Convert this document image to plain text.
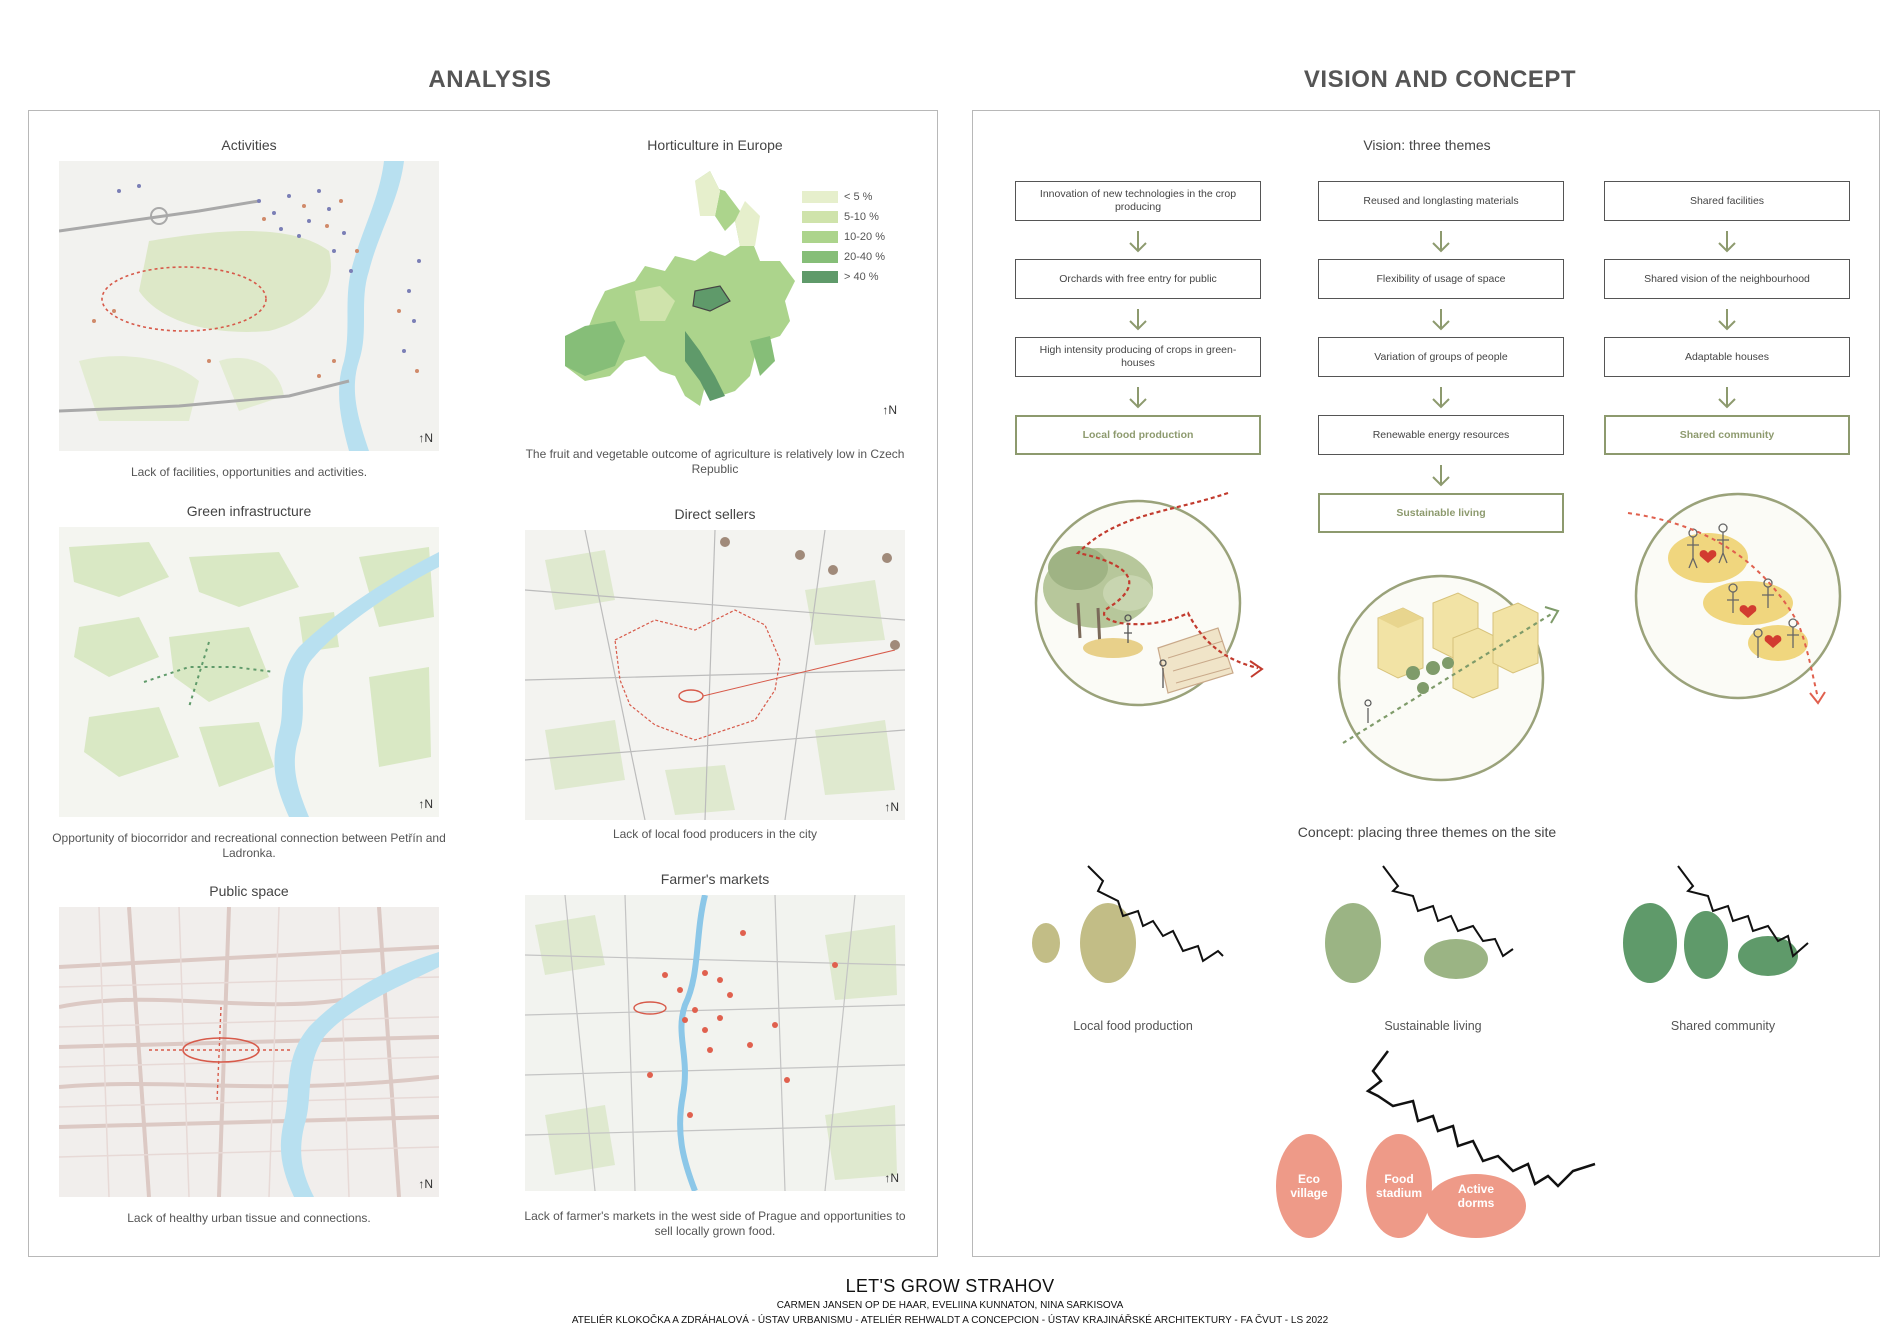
ANALYSIS	VISION AND CONCEPT
Activities
↑N
Lack of facilities, opportunities and activities.
Horticulture in Europe
↑N
< 5 %
5-10 %
10-20 %
20-40 %
> 40 %
The fruit and vegetable outcome of agriculture is relatively low in Czech Republic
Green infrastructure
↑N
Opportunity of biocorridor and recreational connection between Petřín and Ladronka.
Direct sellers
↑N
Lack of local food producers in the city
Public space
↑N
Lack of healthy urban tissue and connections.
Farmer's markets
↑N
Lack of farmer's markets in the west side of Prague and opportunities to sell locally grown food.
Vision: three themes
Innovation of new technologies in the crop producing
Orchards with free entry for public
High intensity producing of crops in green-houses
Local food production
Reused and longlasting materials
Flexibility of usage of space
Variation of groups of people
Renewable energy resources
Sustainable living
Shared facilities
Shared vision of the neighbourhood
Adaptable houses
Shared community
Concept: placing three themes on the site
Local food production	Sustainable living	Shared community
Eco village
Food stadium	Active dorms
LET'S GROW STRAHOV
CARMEN JANSEN OP DE HAAR, EVELIINA KUNNATON, NINA SARKISOVA
ATELIÉR KLOKOČKA A ZDRÁHALOVÁ - ÚSTAV URBANISMU - ATELIÉR REHWALDT A CONCEPCION - ÚSTAV KRAJINÁŘSKÉ ARCHITEKTURY - FA ČVUT - LS 2022
